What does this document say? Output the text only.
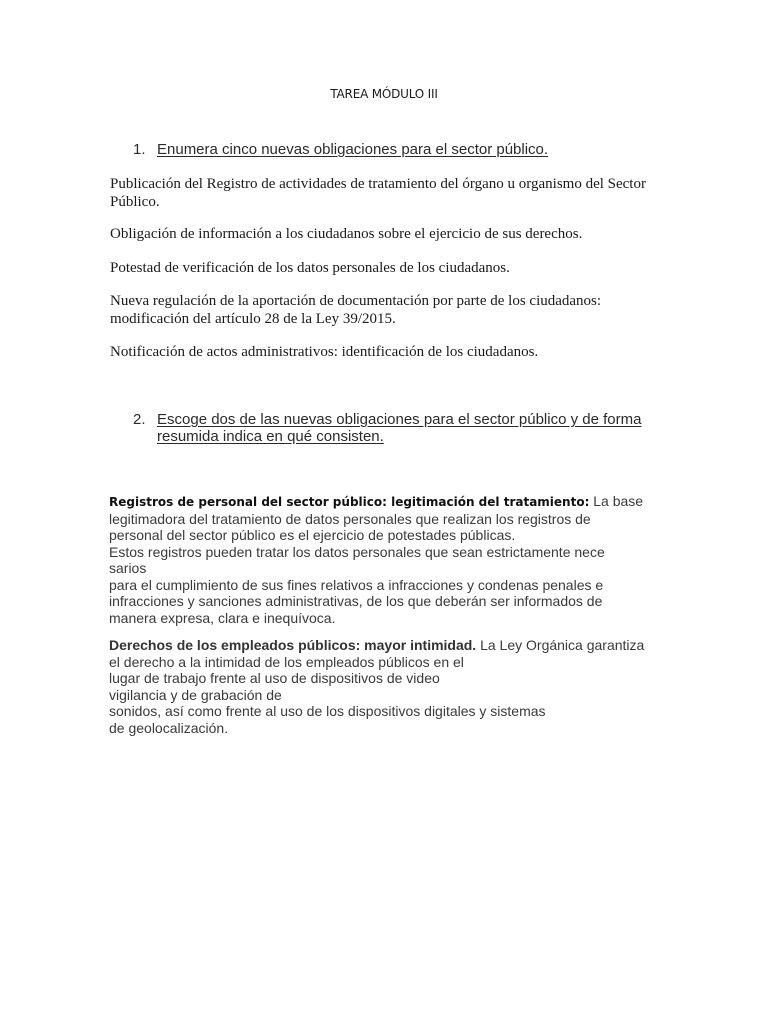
TAREA MÓDULO III
1. Enumera cinco nuevas obligaciones para el sector público.
Publicación del Registro de actividades de tratamiento del órgano u organismo del Sector Público.
Obligación de información a los ciudadanos sobre el ejercicio de sus derechos.
Potestad de verificación de los datos personales de los ciudadanos.
Nueva regulación de la aportación de documentación por parte de los ciudadanos: modificación del artículo 28 de la Ley 39/2015.
Notificación de actos administrativos: identificación de los ciudadanos.
2. Escoge dos de las nuevas obligaciones para el sector público y de forma resumida indica en qué consisten.
Registros de personal del sector público: legitimación del tratamiento: La base
legitimadora del tratamiento de datos personales que realizan los registros de
personal del sector público es el ejercicio de potestades públicas.
Estos registros pueden tratar los datos personales que sean estrictamente nece
sarios
para el cumplimiento de sus fines relativos a infracciones y condenas penales e
infracciones y sanciones administrativas, de los que deberán ser informados de
manera expresa, clara e inequívoca.
Derechos de los empleados públicos: mayor intimidad. La Ley Orgánica garantiza
el derecho a la intimidad de los empleados públicos en el
lugar de trabajo frente al uso de dispositivos de video
vigilancia y de grabación de
sonidos, así como frente al uso de los dispositivos digitales y sistemas
de geolocalización.
